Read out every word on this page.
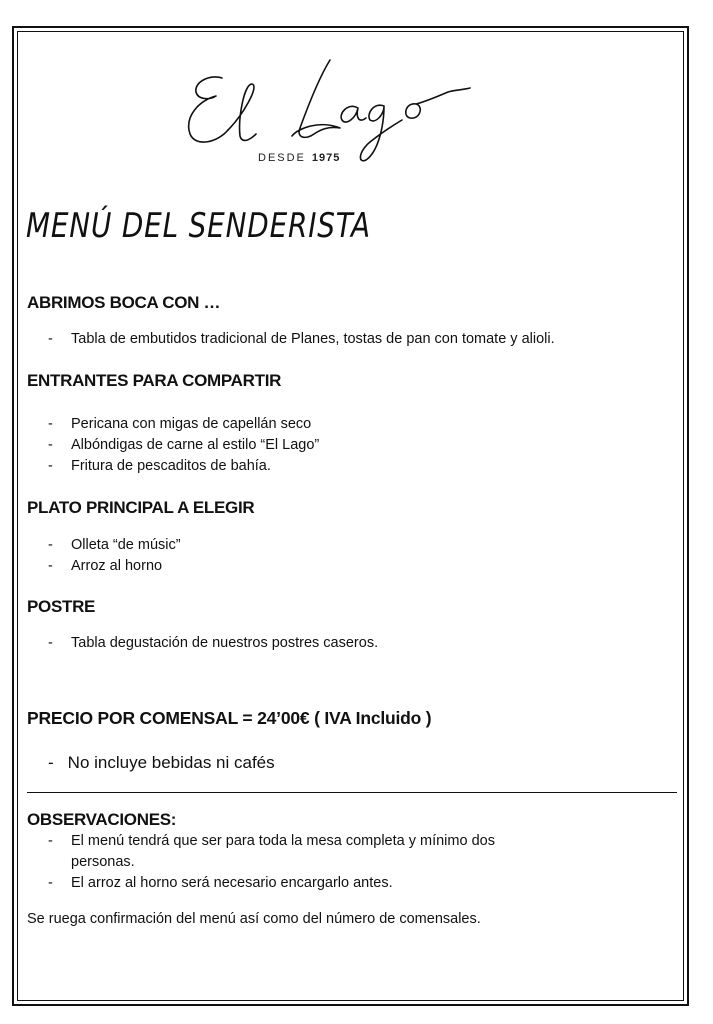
DESDE 1975
MENÚ DEL SENDERISTA
ABRIMOS BOCA CON …
- Tabla de embutidos tradicional de Planes, tostas de pan con tomate y alioli.
ENTRANTES PARA COMPARTIR
- Pericana con migas de capellán seco
- Albóndigas de carne al estilo “El Lago”
- Fritura de pescaditos de bahía.
PLATO PRINCIPAL A ELEGIR
- Olleta “de músic”
- Arroz al horno
POSTRE
- Tabla degustación de nuestros postres caseros.
PRECIO POR COMENSAL = 24’00€ ( IVA Incluido )
- No incluye bebidas ni cafés
OBSERVACIONES:
- El menú tendrá que ser para toda la mesa completa y mínimo dos
personas.
- El arroz al horno será necesario encargarlo antes.
Se ruega confirmación del menú así como del número de comensales.
